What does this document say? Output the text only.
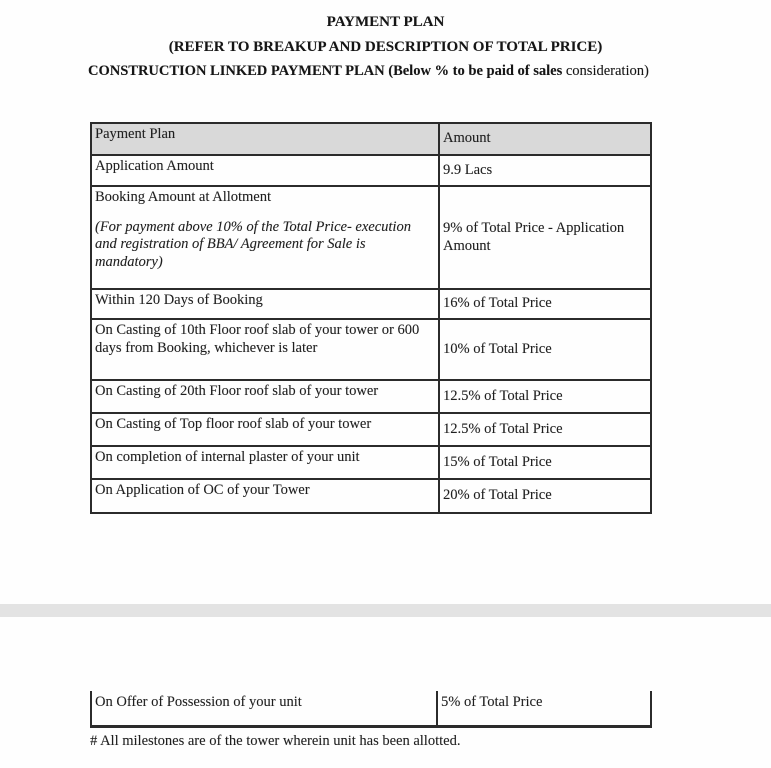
PAYMENT PLAN
(REFER TO BREAKUP AND DESCRIPTION OF TOTAL PRICE)
CONSTRUCTION LINKED PAYMENT PLAN (Below % to be paid of sales consideration)
Payment Plan	Amount
Application Amount	9.9 Lacs

Booking Amount at Allotment
(For payment above 10% of the Total Price- execution and registration of BBA/ Agreement for Sale is mandatory)	9% of Total Price - Application Amount
Within 120 Days of Booking	16% of Total Price
On Casting of 10th Floor roof slab of your tower or 600 days from Booking, whichever is later	10% of Total Price
On Casting of 20th Floor roof slab of your tower	12.5% of Total Price
On Casting of Top floor roof slab of your tower	12.5% of Total Price
On completion of internal plaster of your unit	15% of Total Price
On Application of OC of your Tower	20% of Total Price
On Offer of Possession of your unit	5% of Total Price
# All milestones are of the tower wherein unit has been allotted.
